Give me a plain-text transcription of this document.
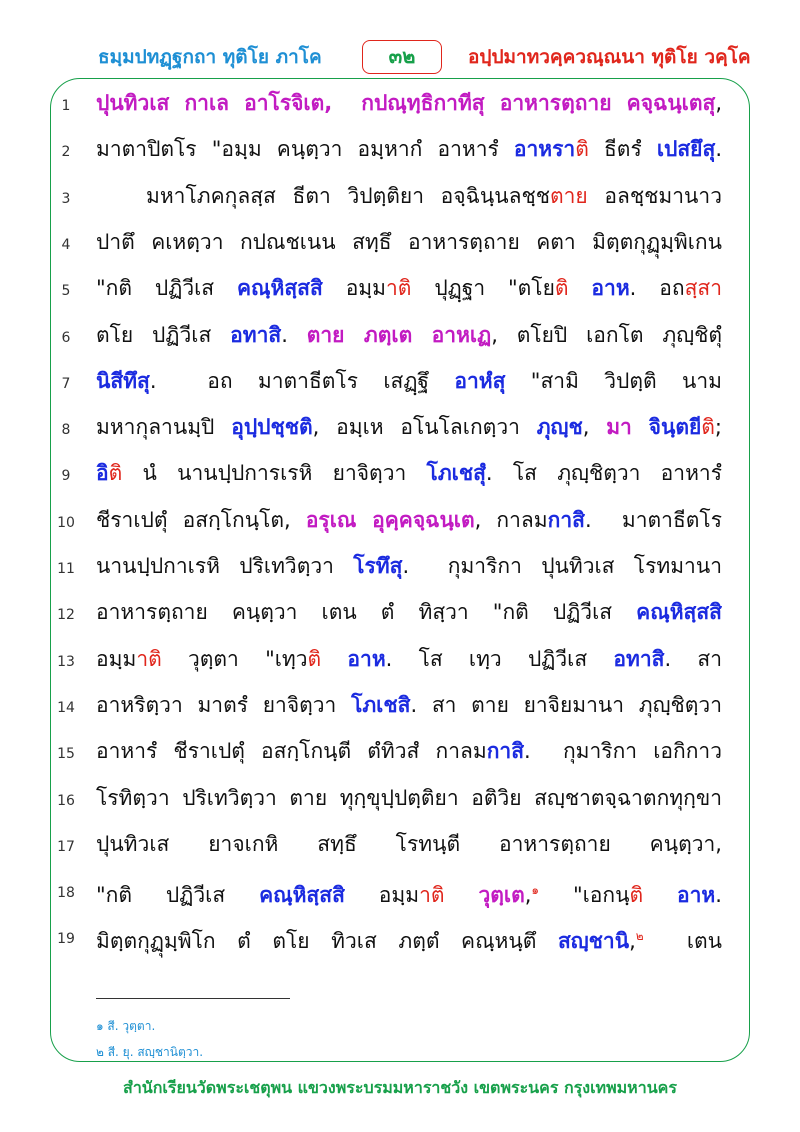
ธมฺมปทฏฺฐกถา ทุติโย ภาโค	๓๒	อปฺปมาทวคฺควณฺณนา ทุติโย วคฺโค
1	ปุนทิวเส กาเล อาโรจิเต, กปณฺทฺธิกาทีสุ อาหารตฺถาย คจฺฉนฺเตสุ,
2	มาตาปิตโร "อมฺม คนฺตฺวา อมฺหากํ อาหารํ อาหราติ ธีตรํ เปสยึสุ.
3	มหาโภคกุลสฺส ธีตา วิปตฺติยา อจฺฉินฺนลชฺชตาย อลชฺชมานาว
4	ปาตึ คเหตฺวา กปณชเนน สทฺธึ อาหารตฺถาย คตา มิตฺตกุฏุมฺพิเกน
5	"กติ ปฏิวีเส คณฺหิสฺสสิ อมฺมาติ ปุฏฺฐา "ตโยติ อาห. อถสฺสา
6	ตโย ปฏิวีเส อทาสิ. ตาย ภตฺเต อาหเฏ, ตโยปิ เอกโต ภุญฺชิตุํ
7	นิสีทึสุ.  อถ มาตาธีตโร เสฏฺฐึ อาหํสุ "สามิ วิปตฺติ นาม
8	มหากุลานมฺปิ อุปฺปชฺชติ, อมฺเห อโนโลเกตฺวา ภุญฺช, มา จินฺตยีติ;
9	อิติ นํ นานปฺปการเรหิ ยาจิตฺวา โภเชสุํ. โส ภุญฺชิตฺวา อาหารํ
10 ชีราเปตุํ อสกฺโกนฺโต, อรุเณ อุคฺคจฺฉนฺเต, กาลมกาสิ.  มาตาธีตโร
11 นานปฺปกาเรหิ ปริเทวิตฺวา โรทึสุ.  กุมาริกา ปุนทิวเส โรทมานา
12 อาหารตฺถาย คนฺตฺวา เตน ตํ ทิสฺวา "กติ ปฏิวีเส คณฺหิสฺสสิ
13 อมฺมาติ วุตฺตา "เทฺวติ อาห. โส เทฺว ปฏิวีเส อทาสิ. สา
14 อาหริตฺวา มาตรํ ยาจิตฺวา โภเชสิ. สา ตาย ยาจิยมานา ภุญฺชิตฺวา
15 อาหารํ ชีราเปตุํ อสกฺโกนฺตี ตํทิวสํ กาลมกาสิ.  กุมาริกา เอกิกาว
16 โรทิตฺวา ปริเทวิตฺวา ตาย ทุกฺขุปฺปตฺติยา อติวิย สญฺชาตจฺฉาตกทุกฺขา
17 ปุนทิวเส ยาจเกหิ สทฺธึ โรทนฺตี อาหารตฺถาย คนฺตฺวา,
18 "กติ ปฏิวีเส คณฺหิสฺสสิ อมฺมาติ วุตฺเต,$^๑$ "เอกนฺติ อาห.
19 มิตฺตกุฏุมฺพิโก ตํ ตโย ทิวเส ภตฺตํ คณฺหนฺตึ สญฺชานิ,$^๒$  เตน
๑ สี. วุตฺตา.
๒ สี. ยุ. สญฺชานิตฺวา.
สำนักเรียนวัดพระเชตุพน แขวงพระบรมมหาราชวัง เขตพระนคร กรุงเทพมหานคร
